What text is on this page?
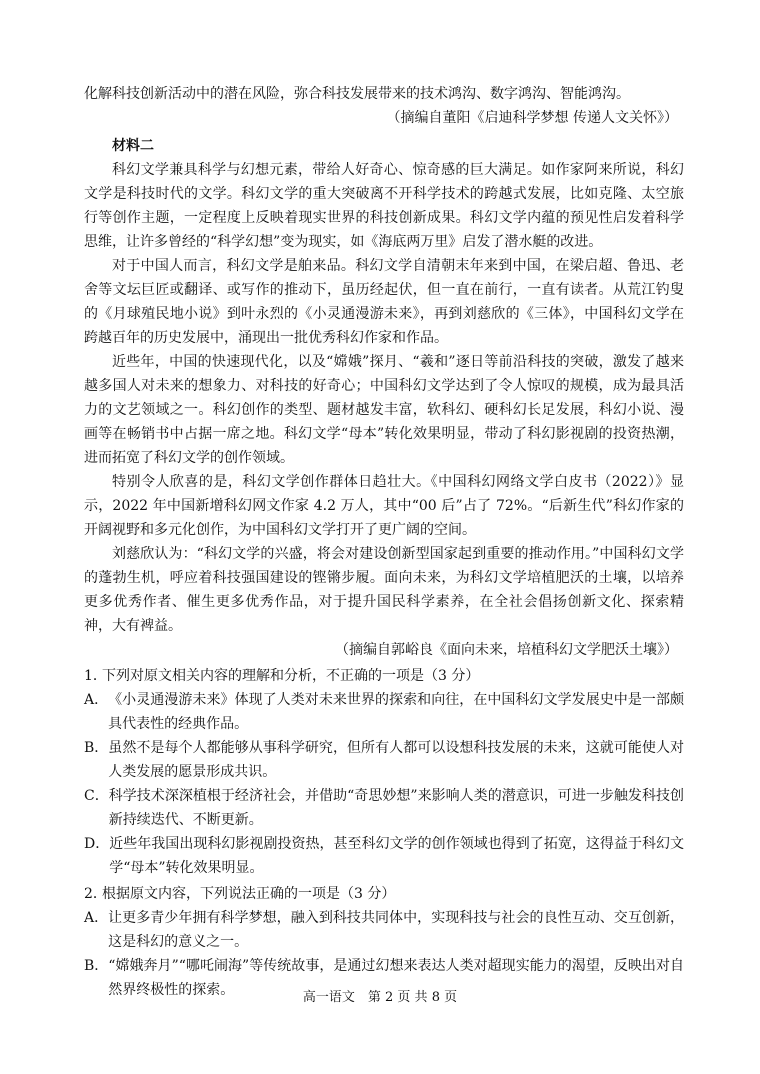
化解科技创新活动中的潜在风险，弥合科技发展带来的技术鸿沟、数字鸿沟、智能鸿沟。

（摘编自董阳《启迪科学梦想 传递人文关怀》）

材料二

科幻文学兼具科学与幻想元素，带给人好奇心、惊奇感的巨大满足。如作家阿来所说，科幻文学是科技时代的文学。科幻文学的重大突破离不开科学技术的跨越式发展，比如克隆、太空旅行等创作主题，一定程度上反映着现实世界的科技创新成果。科幻文学内蕴的预见性启发着科学思维，让许多曾经的“科学幻想”变为现实，如《海底两万里》启发了潜水艇的改进。

对于中国人而言，科幻文学是舶来品。科幻文学自清朝末年来到中国，在梁启超、鲁迅、老舍等文坛巨匠或翻译、或写作的推动下，虽历经起伏，但一直在前行，一直有读者。从荒江钓叟的《月球殖民地小说》到叶永烈的《小灵通漫游未来》，再到刘慈欣的《三体》，中国科幻文学在跨越百年的历史发展中，涌现出一批优秀科幻作家和作品。

近些年，中国的快速现代化，以及“嫦娥”探月、“羲和”逐日等前沿科技的突破，激发了越来越多国人对未来的想象力、对科技的好奇心；中国科幻文学达到了令人惊叹的规模，成为最具活力的文艺领域之一。科幻创作的类型、题材越发丰富，软科幻、硬科幻长足发展，科幻小说、漫画等在畅销书中占据一席之地。科幻文学“母本”转化效果明显，带动了科幻影视剧的投资热潮，进而拓宽了科幻文学的创作领域。

特别令人欣喜的是，科幻文学创作群体日趋壮大。《中国科幻网络文学白皮书（2022）》显示，2022 年中国新增科幻网文作家 4.2 万人，其中“00 后”占了 72%。“后新生代”科幻作家的开阔视野和多元化创作，为中国科幻文学打开了更广阔的空间。

刘慈欣认为：“科幻文学的兴盛，将会对建设创新型国家起到重要的推动作用。”中国科幻文学的蓬勃生机，呼应着科技强国建设的铿锵步履。面向未来，为科幻文学培植肥沃的土壤，以培养更多优秀作者、催生更多优秀作品，对于提升国民科学素养，在全社会倡扬创新文化、探索精神，大有裨益。

（摘编自郭峪良《面向未来，培植科幻文学肥沃土壤》）

1．下列对原文相关内容的理解和分析，不正确的一项是（3 分）
A． 《小灵通漫游未来》体现了人类对未来世界的探索和向往，在中国科幻文学发展史中是一部颇具代表性的经典作品。
B． 虽然不是每个人都能够从事科学研究，但所有人都可以设想科技发展的未来，这就可能使人对人类发展的愿景形成共识。
C． 科学技术深深植根于经济社会，并借助“奇思妙想”来影响人类的潜意识，可进一步触发科技创新持续迭代、不断更新。
D． 近些年我国出现科幻影视剧投资热，甚至科幻文学的创作领域也得到了拓宽，这得益于科幻文学“母本”转化效果明显。
2．根据原文内容，下列说法正确的一项是（3 分）
A． 让更多青少年拥有科学梦想，融入到科技共同体中，实现科技与社会的良性互动、交互创新，这是科幻的意义之一。
B． “嫦娥奔月”“哪吒闹海”等传统故事，是通过幻想来表达人类对超现实能力的渴望，反映出对自然界终极性的探索。	高一语文　第 2 页 共 8 页
